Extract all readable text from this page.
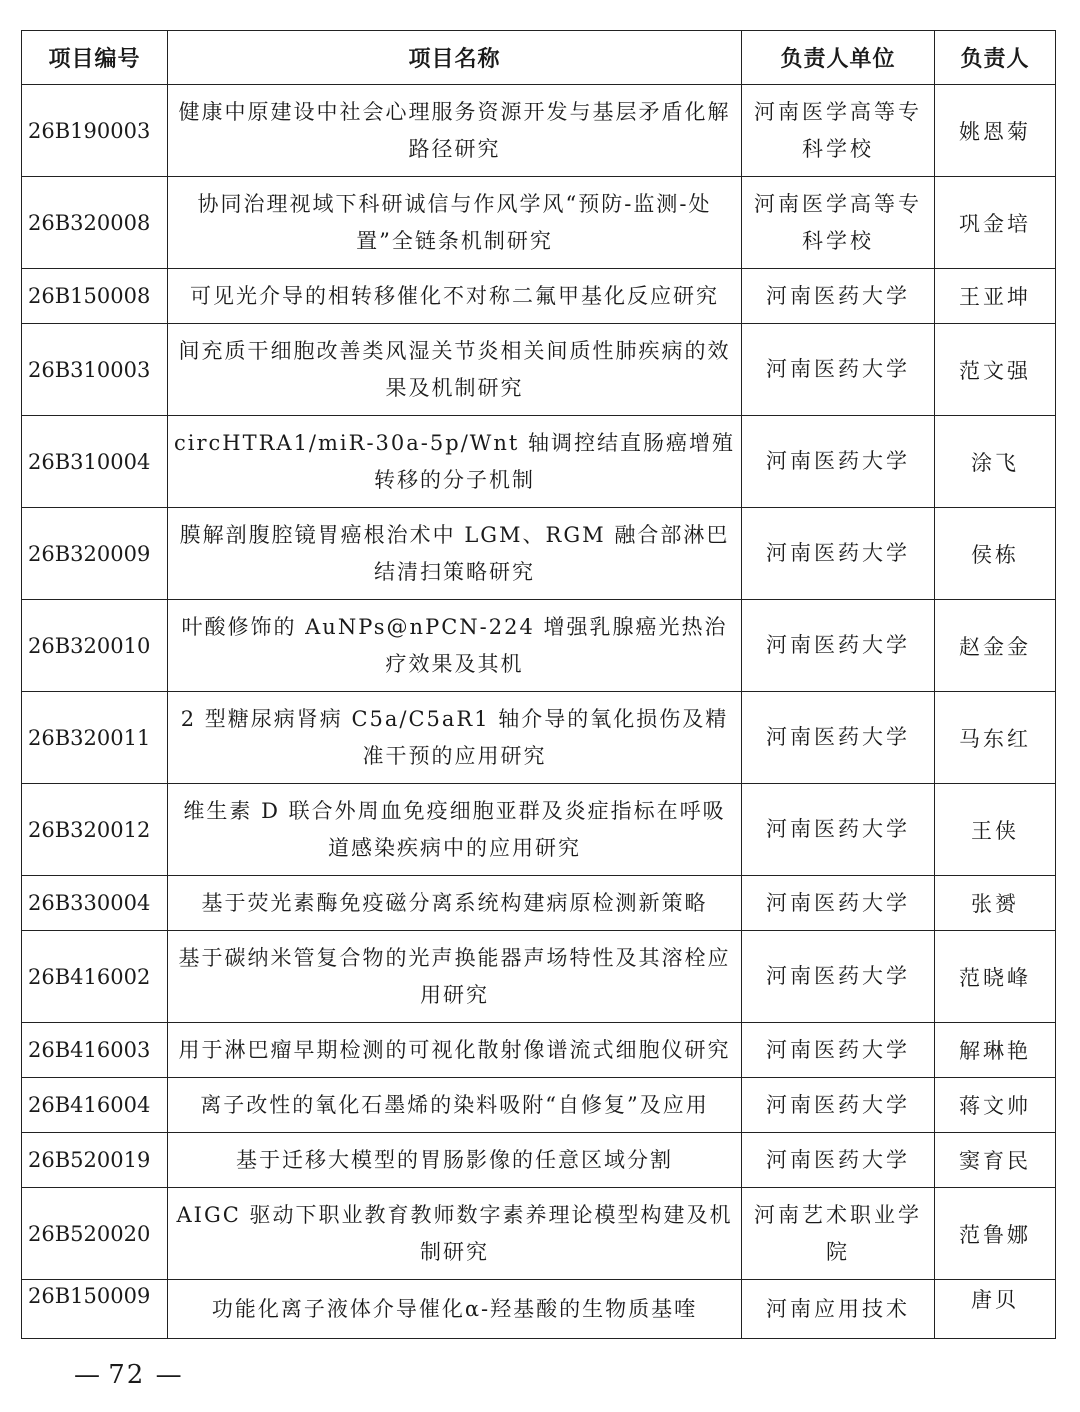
项目编号	项目名称	负责人单位	负责人
26B190003	健康中原建设中社会心理服务资源开发与基层矛盾化解路径研究	河南医学高等专科学校	姚恩菊
26B320008	协同治理视域下科研诚信与作风学风“预防-监测-处置”全链条机制研究	河南医学高等专科学校	巩金培
26B150008	可见光介导的相转移催化不对称二氟甲基化反应研究	河南医药大学	王亚坤
26B310003	间充质干细胞改善类风湿关节炎相关间质性肺疾病的效果及机制研究	河南医药大学	范文强
26B310004	circHTRA1/miR-30a-5p/Wnt 轴调控结直肠癌增殖转移的分子机制	河南医药大学	涂飞
26B320009	膜解剖腹腔镜胃癌根治术中 LGM、RGM 融合部淋巴结清扫策略研究	河南医药大学	侯栋
26B320010	叶酸修饰的 AuNPs@nPCN-224 增强乳腺癌光热治疗效果及其机	河南医药大学	赵金金
26B320011	2 型糖尿病肾病 C5a/C5aR1 轴介导的氧化损伤及精准干预的应用研究	河南医药大学	马东红
26B320012	维生素 D 联合外周血免疫细胞亚群及炎症指标在呼吸道感染疾病中的应用研究	河南医药大学	王侠
26B330004	基于荧光素酶免疫磁分离系统构建病原检测新策略	河南医药大学	张赟
26B416002	基于碳纳米管复合物的光声换能器声场特性及其溶栓应用研究	河南医药大学	范晓峰
26B416003	用于淋巴瘤早期检测的可视化散射像谱流式细胞仪研究	河南医药大学	解琳艳
26B416004	离子改性的氧化石墨烯的染料吸附“自修复”及应用	河南医药大学	蒋文帅
26B520019	基于迁移大模型的胃肠影像的任意区域分割	河南医药大学	窦育民
26B520020	AIGC 驱动下职业教育教师数字素养理论模型构建及机制研究	河南艺术职业学院	范鲁娜
26B150009	功能化离子液体介导催化α-羟基酸的生物质基喹	河南应用技术	唐贝
— 72 —
